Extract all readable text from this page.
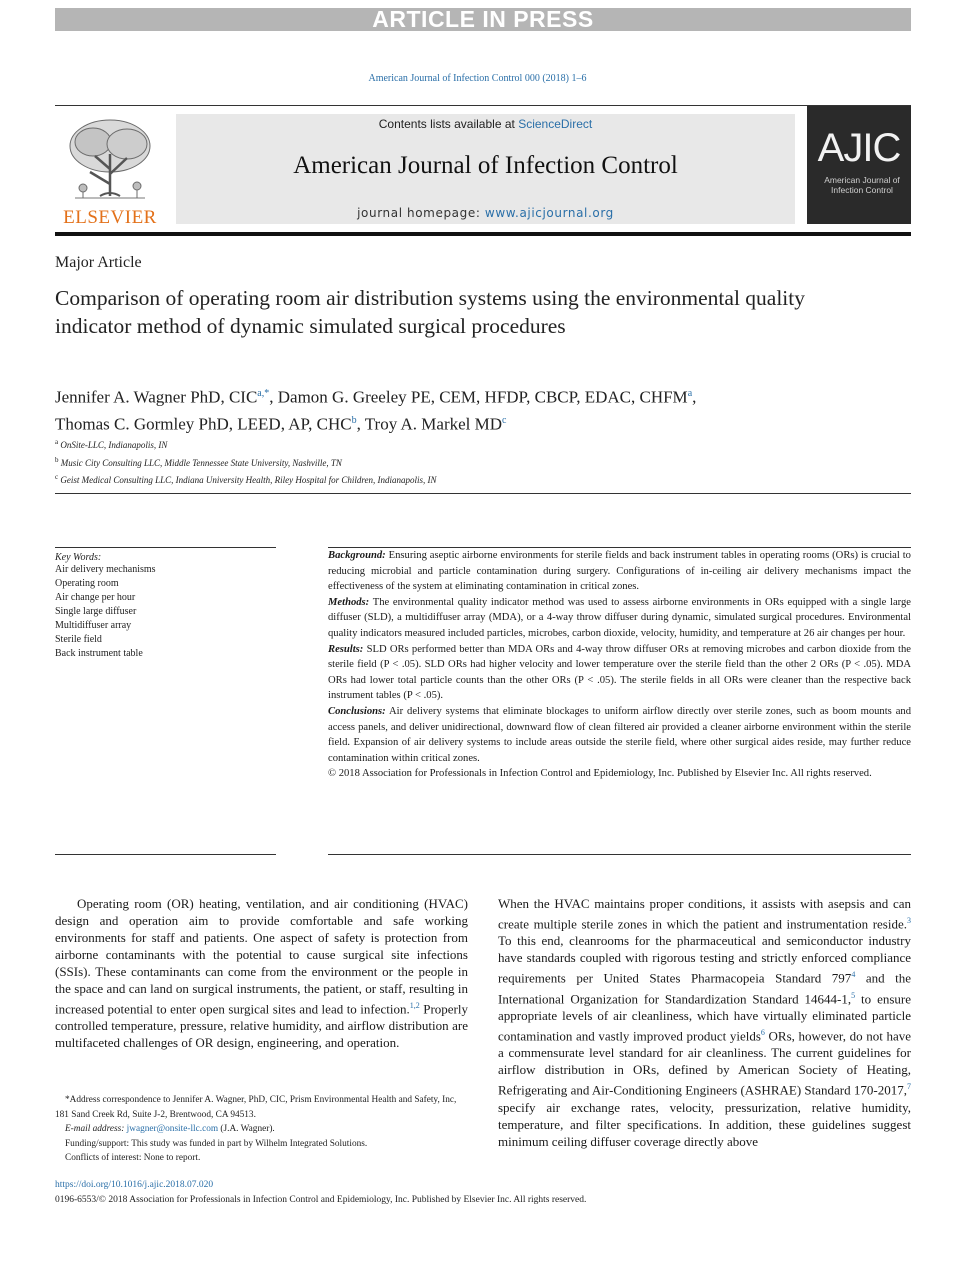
ARTICLE IN PRESS
American Journal of Infection Control 000 (2018) 1–6
ELSEVIER
Contents lists available at ScienceDirect
American Journal of Infection Control
journal homepage: www.ajicjournal.org
AJIC
American Journal of Infection Control
Major Article
Comparison of operating room air distribution systems using the environmental quality indicator method of dynamic simulated surgical procedures
Jennifer A. Wagner PhD, $CIC^{a,*}$, Damon G. Greeley PE, CEM, HFDP, CBCP, EDAC, CHFM$^a$,
Thomas C. Gormley PhD, LEED, AP, CHC$^b$, Troy A. Markel $MD^c$
$^a$ OnSite-LLC, Indianapolis, IN
$^b$ Music City Consulting LLC, Middle Tennessee State University, Nashville, TN
$^c$ Geist Medical Consulting LLC, Indiana University Health, Riley Hospital for Children, Indianapolis, IN
Key Words:
Air delivery mechanisms
Operating room
Air change per hour
Single large diffuser
Multidiffuser array
Sterile field
Back instrument table

Background: Ensuring aseptic airborne environments for sterile fields and back instrument tables in operating rooms (ORs) is crucial to reducing microbial and particle contamination during surgery. Configurations of in-ceiling air delivery mechanisms impact the effectiveness of the system at eliminating contamination in critical zones.

Methods: The environmental quality indicator method was used to assess airborne environments in ORs equipped with a single large diffuser (SLD), a multidiffuser array (MDA), or a 4-way throw diffuser during dynamic, simulated surgical procedures. Environmental quality indicators measured included particles, microbes, carbon dioxide, velocity, humidity, and temperature at 26 air changes per hour.

Results: SLD ORs performed better than MDA ORs and 4-way throw diffuser ORs at removing microbes and carbon dioxide from the sterile field (P < .05). SLD ORs had higher velocity and lower temperature over the sterile field than the other 2 ORs (P < .05). MDA ORs had lower total particle counts than the other ORs (P < .05). The sterile fields in all ORs were cleaner than the respective back instrument tables (P < .05).

Conclusions: Air delivery systems that eliminate blockages to uniform airflow directly over sterile zones, such as boom mounts and access panels, and deliver unidirectional, downward flow of clean filtered air provided a cleaner airborne environment within the sterile field. Expansion of air delivery systems to include areas outside the sterile field, where other surgical aides reside, may further reduce contamination within critical zones.

© 2018 Association for Professionals in Infection Control and Epidemiology, Inc. Published by Elsevier Inc. All rights reserved.

Operating room (OR) heating, ventilation, and air conditioning (HVAC) design and operation aim to provide comfortable and safe working environments for staff and patients. One aspect of safety is protection from airborne contaminants with the potential to cause surgical site infections (SSIs). These contaminants can come from the environment or the people in the space and can land on surgical instruments, the patient, or staff, resulting in increased potential to enter open surgical sites and lead to infection.$^{1,2}$ Properly controlled temperature, pressure, relative humidity, and airflow distribution are multifaceted challenges of OR design, engineering, and operation.

When the HVAC maintains proper conditions, it assists with asepsis and can create multiple sterile zones in which the patient and instrumentation reside.$^3$ To this end, cleanrooms for the pharmaceutical and semiconductor industry have standards coupled with rigorous testing and strictly enforced compliance requirements per United States Pharmacopeia Standard $797^4$ and the International Organization for Standardization Standard 14644-1,$^5$ to ensure appropriate levels of air cleanliness, which have virtually eliminated particle contamination and vastly improved product yields$^6$ ORs, however, do not have a commensurate level standard for air cleanliness. The current guidelines for airflow distribution in ORs, defined by American Society of Heating, Refrigerating and Air-Conditioning Engineers (ASHRAE) Standard 170-2017,$^7$ specify air exchange rates, velocity, pressurization, relative humidity, temperature, and filter specifications. In addition, these guidelines suggest minimum ceiling diffuser coverage directly above

*Address correspondence to Jennifer A. Wagner, PhD, CIC, Prism Environmental Health and Safety, Inc, 181 Sand Creek Rd, Suite J-2, Brentwood, CA 94513.
E-mail address: jwagner@onsite-llc.com (J.A. Wagner).
Funding/support: This study was funded in part by Wilhelm Integrated Solutions.
Conflicts of interest: None to report.
https://doi.org/10.1016/j.ajic.2018.07.020
0196-6553/© 2018 Association for Professionals in Infection Control and Epidemiology, Inc. Published by Elsevier Inc. All rights reserved.
